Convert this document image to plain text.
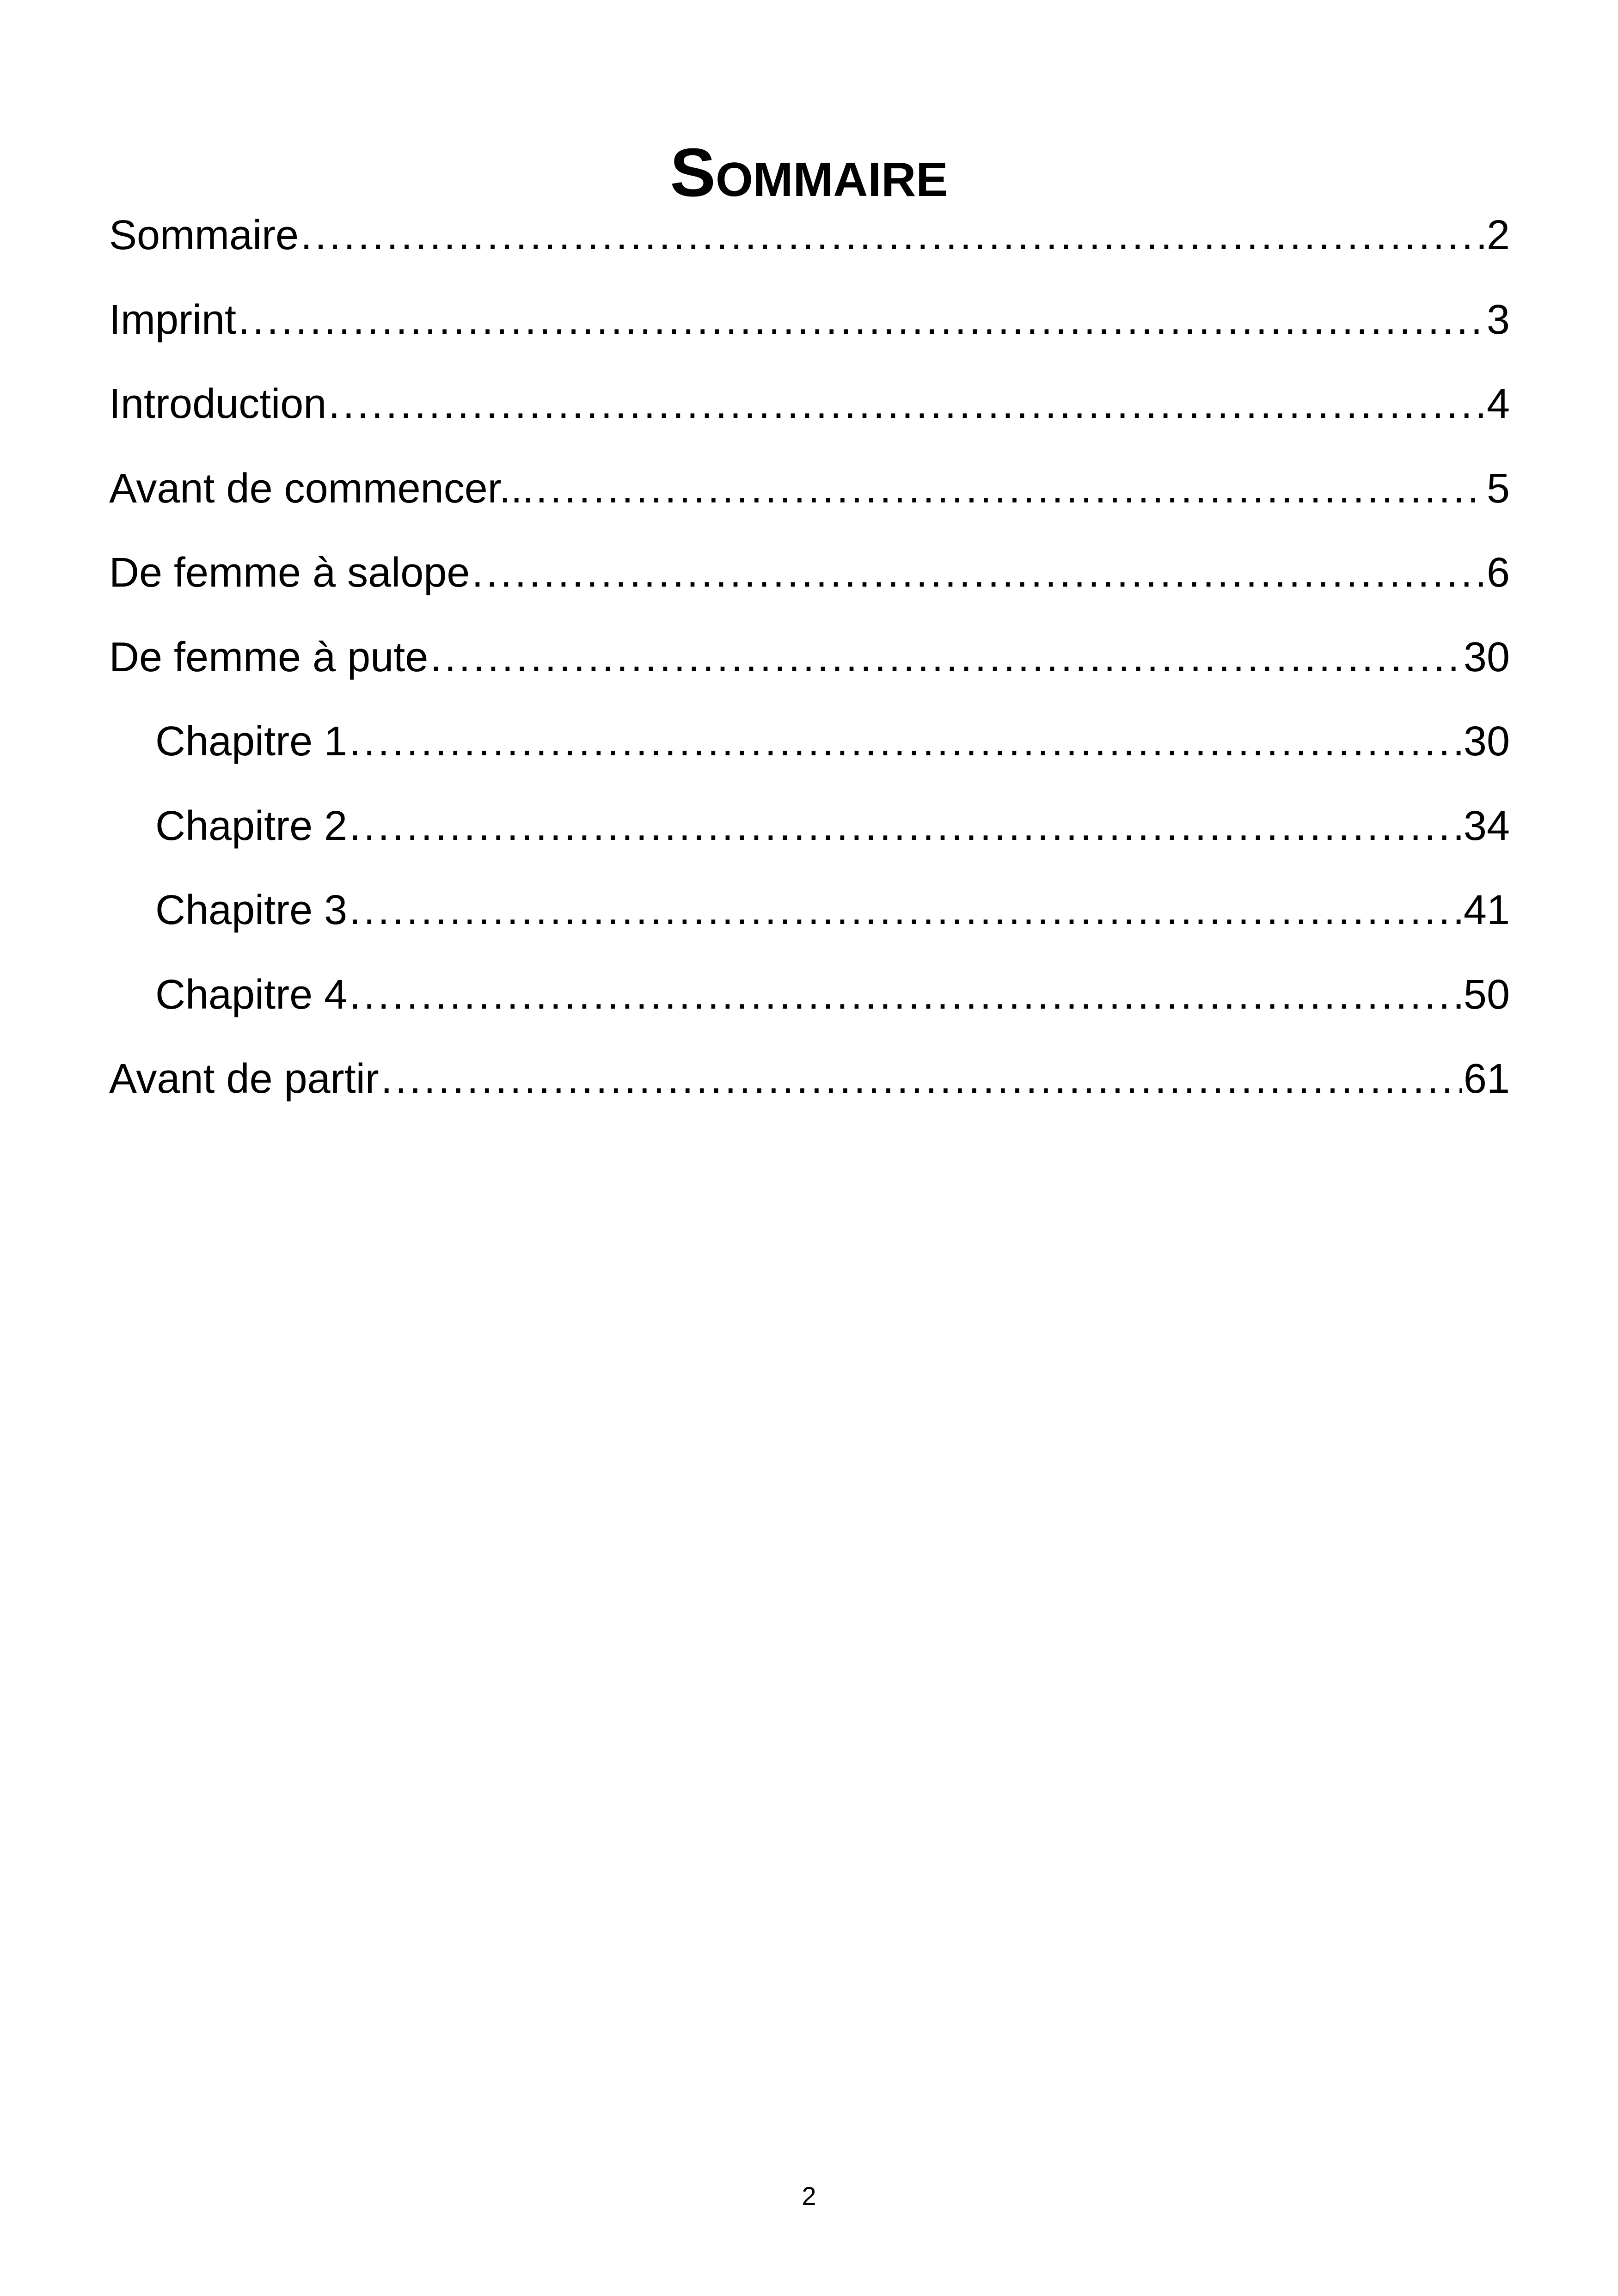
Sommaire
Sommaire .....	2
Imprint .....	3
Introduction .....	4
Avant de commencer... .....	5
De femme à salope .....	6
De femme à pute .....	30
Chapitre 1 .....	30
Chapitre 2 .....	34
Chapitre 3 .....	41
Chapitre 4 .....	50
Avant de partir .....	61
2
